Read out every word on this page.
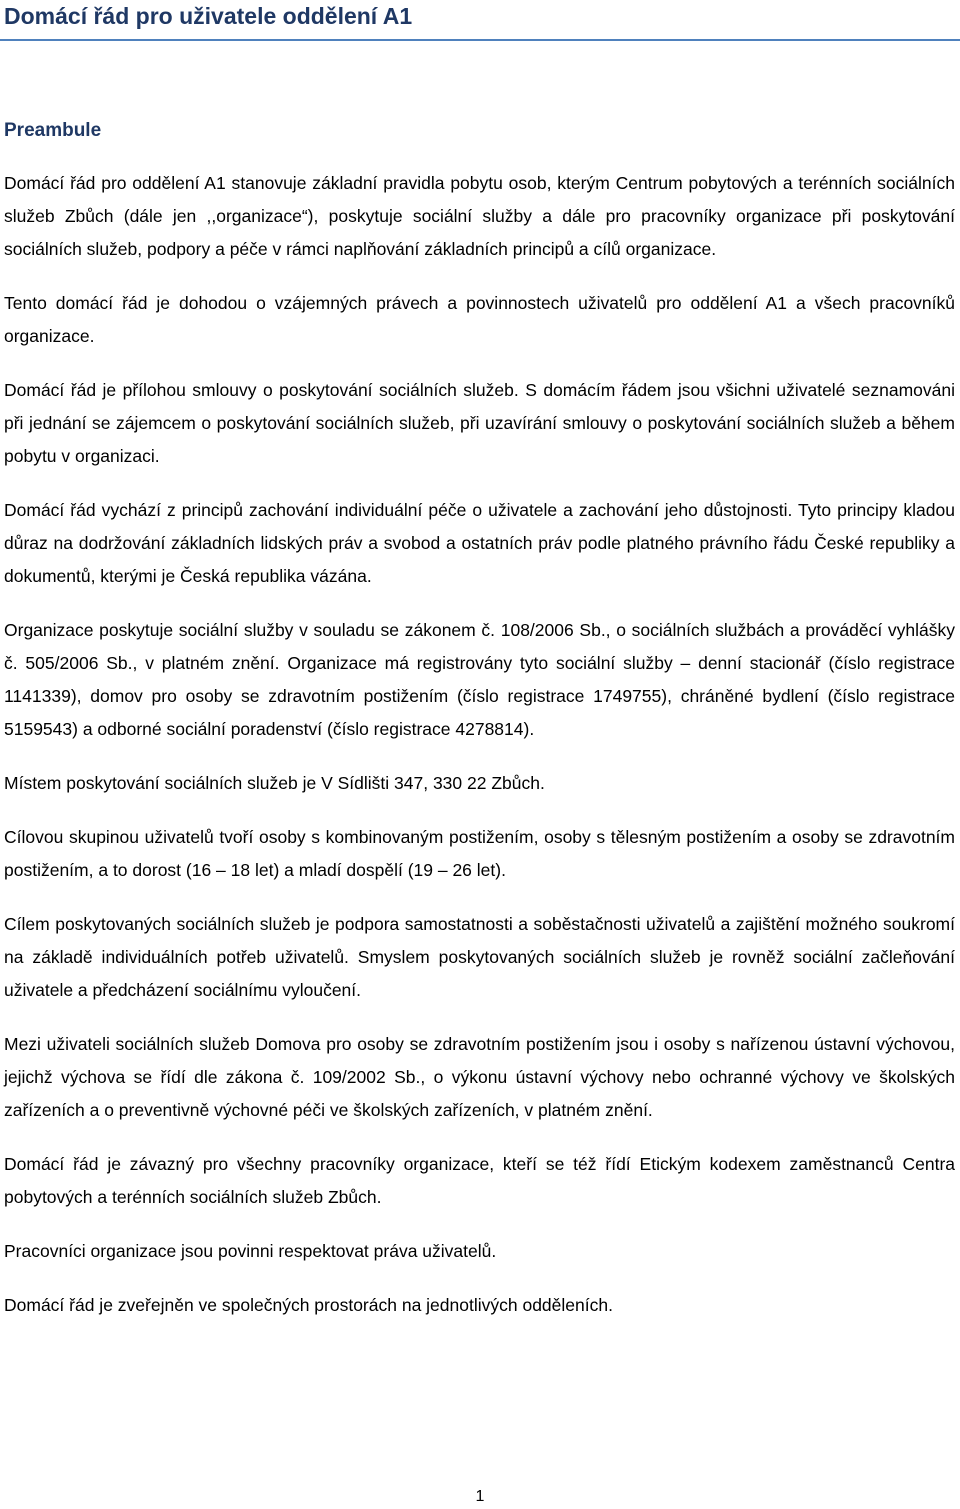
Domácí řád pro uživatele oddělení A1
Preambule

Domácí řád pro oddělení A1 stanovuje základní pravidla pobytu osob, kterým Centrum pobytových a terénních sociálních služeb Zbůch (dále jen ,,organizace“), poskytuje sociální služby a dále pro pracovníky organizace při poskytování sociálních služeb, podpory a péče v rámci naplňování základních principů a cílů organizace.

Tento domácí řád je dohodou o vzájemných právech a povinnostech uživatelů pro oddělení A1 a všech pracovníků organizace.

Domácí řád je přílohou smlouvy o poskytování sociálních služeb. S domácím řádem jsou všichni uživatelé seznamováni při jednání se zájemcem o poskytování sociálních služeb, při uzavírání smlouvy o poskytování sociálních služeb a během pobytu v organizaci.

Domácí řád vychází z principů zachování individuální péče o uživatele a zachování jeho důstojnosti. Tyto principy kladou důraz na dodržování základních lidských práv a svobod a ostatních práv podle platného právního řádu České republiky a dokumentů, kterými je Česká republika vázána.

Organizace poskytuje sociální služby v souladu se zákonem č. 108/2006 Sb., o sociálních službách a prováděcí vyhlášky č. 505/2006 Sb., v platném znění. Organizace má registrovány tyto sociální služby – denní stacionář (číslo registrace 1141339), domov pro osoby se zdravotním postižením (číslo registrace 1749755), chráněné bydlení (číslo registrace 5159543) a odborné sociální poradenství (číslo registrace 4278814).

Místem poskytování sociálních služeb je V Sídlišti 347, 330 22 Zbůch.

Cílovou skupinou uživatelů tvoří osoby s kombinovaným postižením, osoby s tělesným postižením a osoby se zdravotním postižením, a to dorost (16 – 18 let) a mladí dospělí (19 – 26 let).

Cílem poskytovaných sociálních služeb je podpora samostatnosti a soběstačnosti uživatelů a zajištění možného soukromí na základě individuálních potřeb uživatelů. Smyslem poskytovaných sociálních služeb je rovněž sociální začleňování uživatele a předcházení sociálnímu vyloučení.

Mezi uživateli sociálních služeb Domova pro osoby se zdravotním postižením jsou i osoby s nařízenou ústavní výchovou, jejichž výchova se řídí dle zákona č. 109/2002 Sb., o výkonu ústavní výchovy nebo ochranné výchovy ve školských zařízeních a o preventivně výchovné péči ve školských zařízeních, v platném znění.

Domácí řád je závazný pro všechny pracovníky organizace, kteří se též řídí Etickým kodexem zaměstnanců Centra pobytových a terénních sociálních služeb Zbůch.

Pracovníci organizace jsou povinni respektovat práva uživatelů.

Domácí řád je zveřejněn ve společných prostorách na jednotlivých odděleních.

1
